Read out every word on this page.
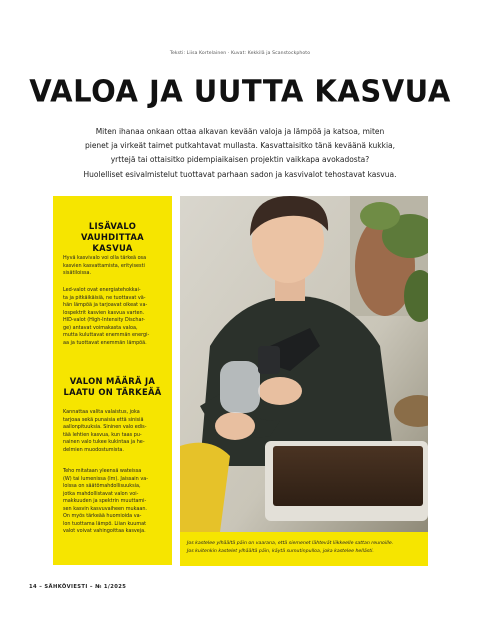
Teksti: Liisa Kortelainen · Kuvat: Kekkilä ja Scanstockphoto
VALOA JA UUTTA KASVUA
Miten ihanaa onkaan ottaa alkavan kevään valoja ja lämpöä ja katsoa, miten
pienet ja virkeät taimet putkahtavat mullasta. Kasvattaisitko tänä keväänä kukkia,
yrttejä tai ottaisitko pidempiaikaisen projektin vaikkapa avokadosta?
Huolelliset esivalmistelut tuottavat parhaan sadon ja kasvivalot tehostavat kasvua.
LISÄVALO
VAUHDITTAA KASVUA
Hyvä kasvivalo voi olla tärkeä osa
kasvien kasvattamista, erityisesti
sisätiloissa.
Led-valot ovat energiatehokkai-
ta ja pitkäikäisiä, ne tuottavat vä-
hän lämpöä ja tarjoavat oikeat va-
lospektrit kasvien kasvua varten.
HID-valot (High-Intensity Dischar-
ge) antavat voimakasta valoa,
mutta kuluttavat enemmän energi-
aa ja tuottavat enemmän lämpöä.
VALON MÄÄRÄ JA
LAATU ON TÄRKEÄÄ
Kannattaa valita valaistus, joka
tarjoaa sekä punaisia että sinisiä
aallonpituuksia. Sininen valo edis-
tää lehtien kasvua, kun taas pu-
nainen valo tukee kukintaa ja he-
delmien muodostumista.
Teho mitataan yleensä wateissa
(W) tai lumenissa (lm). Jaissain va-
loissa on säätömahdollisuuksia,
jotka mahdollistavat valon voi-
makkuuden ja spektrin muuttami-
sen kasvin kasvuvaiheen mukaan.
On myös tärkeää huomioida va-
lon tuottama lämpö. Liian kuumat
valot voivat vahingoittaa kasveja.
Jos kastelee ylhäältä päin on vaarana, että siemenet lähtevät liikkeelle sattan reunoille.
Jos kuitenkin kastelet ylhäältä päin, käytä sumutinpulloa, joka kastelee hellästi.
14 – SÄHKÖVIESTI – № 1/2025
